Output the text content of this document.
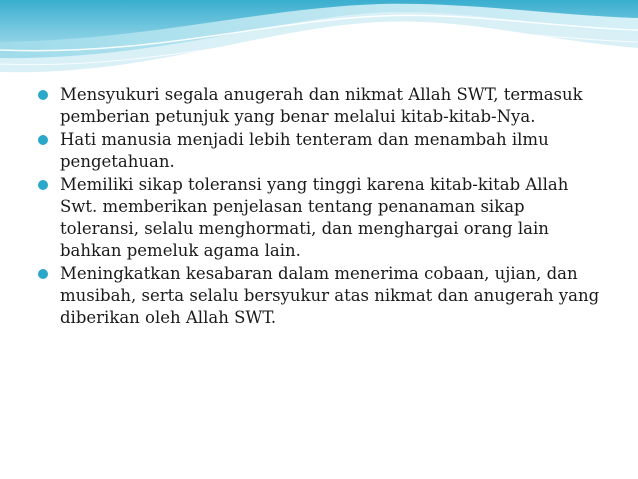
Mensyukuri segala anugerah dan nikmat Allah SWT, termasuk pemberian petunjuk yang benar melalui kitab-kitab-Nya.
Hati manusia menjadi lebih tenteram dan menambah ilmu pengetahuan.
Memiliki sikap toleransi yang tinggi karena kitab-kitab Allah Swt. memberikan penjelasan tentang penanaman sikap toleransi, selalu menghormati, dan menghargai orang lain bahkan pemeluk agama lain.
Meningkatkan kesabaran dalam menerima cobaan, ujian, dan musibah, serta selalu bersyukur atas nikmat dan anugerah yang diberikan oleh Allah SWT.
